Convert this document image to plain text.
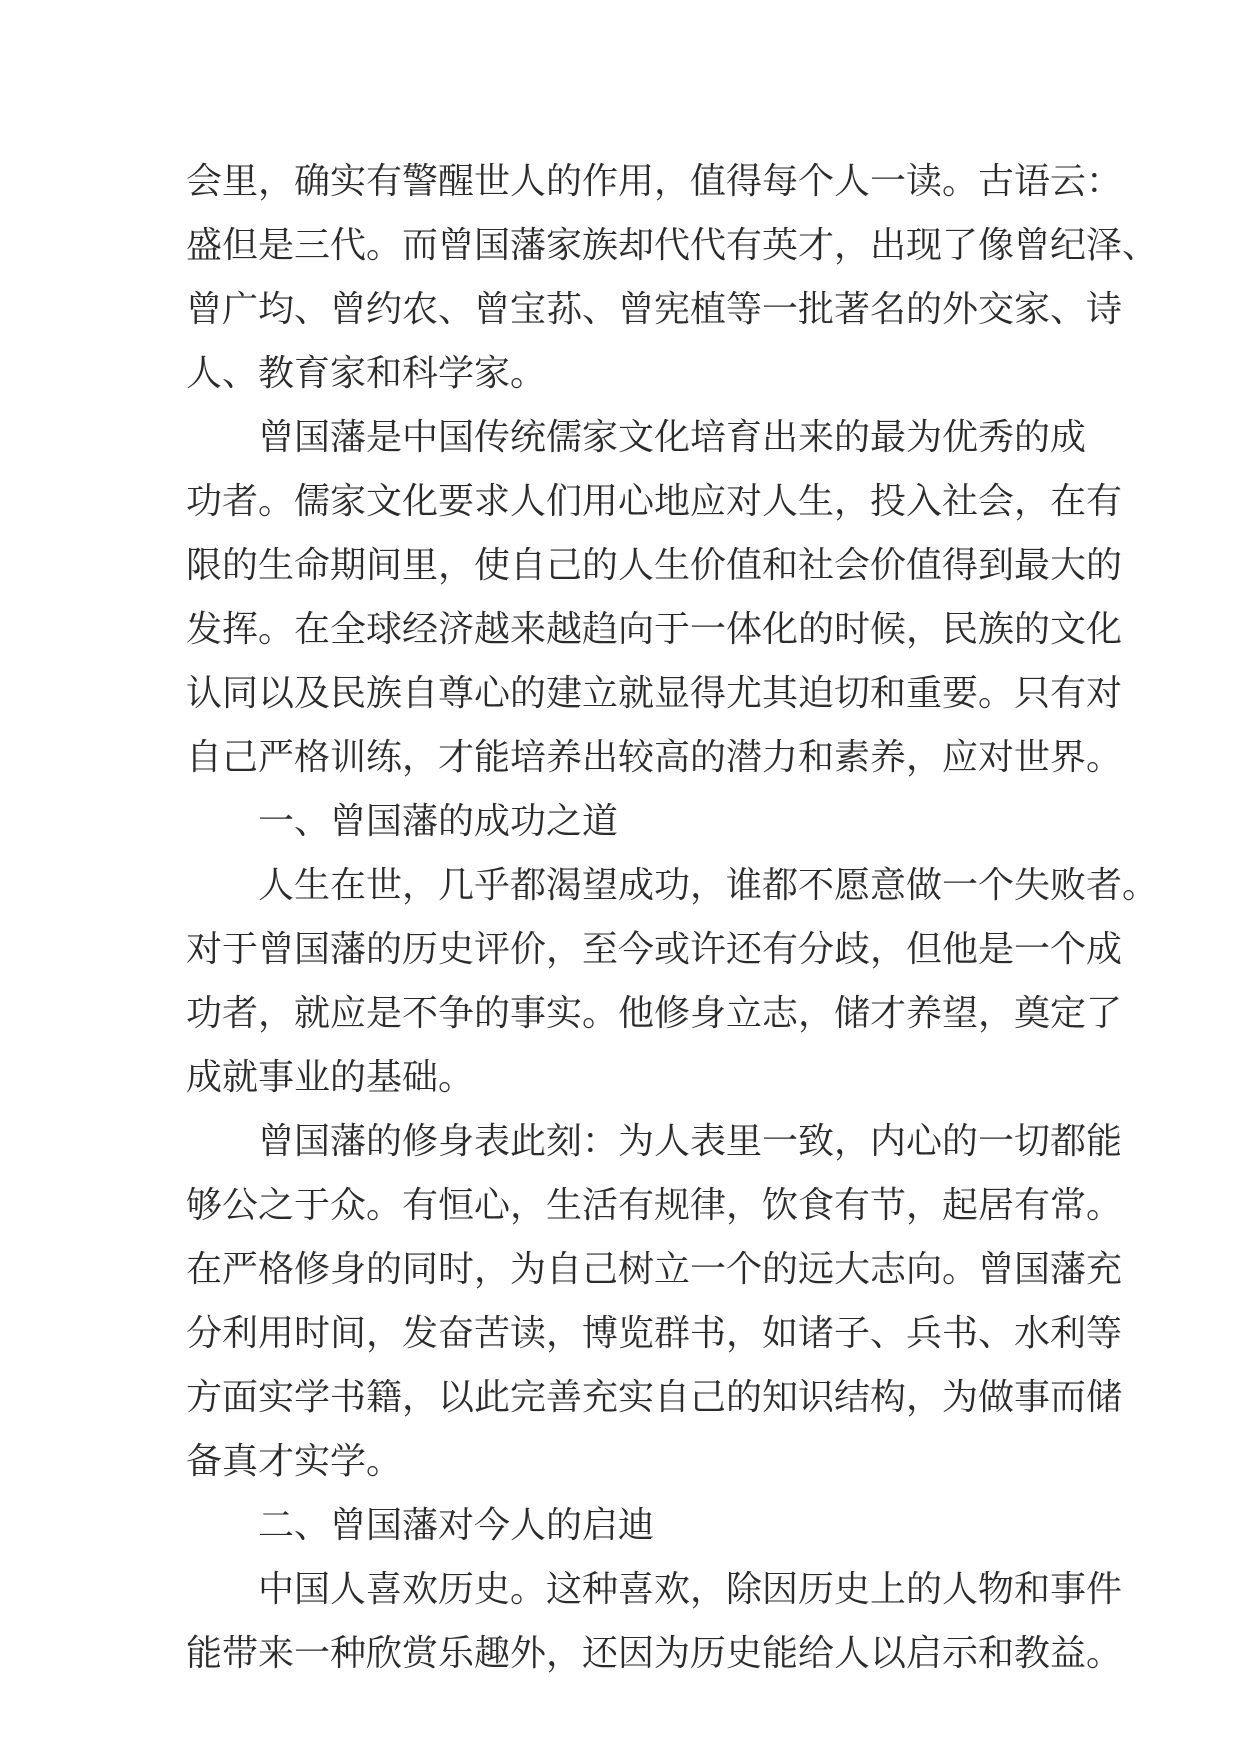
会里，确实有警醒世人的作用，值得每个人一读。古语云：
盛但是三代。而曾国藩家族却代代有英才，出现了像曾纪泽、
曾广均、曾约农、曾宝荪、曾宪植等一批著名的外交家、诗
人、教育家和科学家。
曾国藩是中国传统儒家文化培育出来的最为优秀的成
功者。儒家文化要求人们用心地应对人生，投入社会，在有
限的生命期间里，使自己的人生价值和社会价值得到最大的
发挥。在全球经济越来越趋向于一体化的时候，民族的文化
认同以及民族自尊心的建立就显得尤其迫切和重要。只有对
自己严格训练，才能培养出较高的潜力和素养，应对世界。
一、曾国藩的成功之道
人生在世，几乎都渴望成功，谁都不愿意做一个失败者。
对于曾国藩的历史评价，至今或许还有分歧，但他是一个成
功者，就应是不争的事实。他修身立志，储才养望，奠定了
成就事业的基础。
曾国藩的修身表此刻：为人表里一致，内心的一切都能
够公之于众。有恒心，生活有规律，饮食有节，起居有常。
在严格修身的同时，为自己树立一个的远大志向。曾国藩充
分利用时间，发奋苦读，博览群书，如诸子、兵书、水利等
方面实学书籍，以此完善充实自己的知识结构，为做事而储
备真才实学。
二、曾国藩对今人的启迪
中国人喜欢历史。这种喜欢，除因历史上的人物和事件
能带来一种欣赏乐趣外，还因为历史能给人以启示和教益。
